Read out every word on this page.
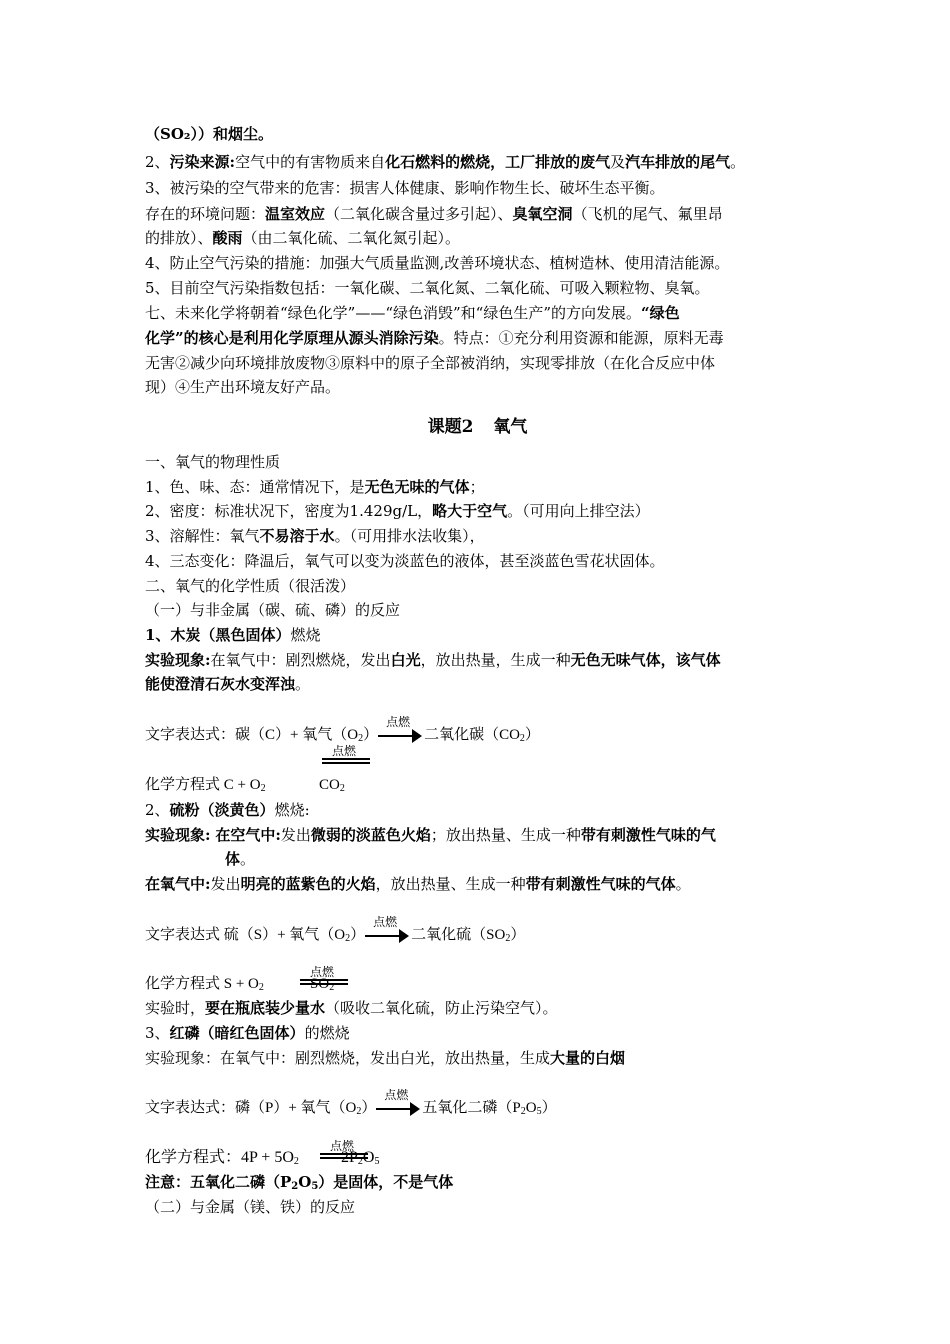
（SO₂））和烟尘。
2、污染来源:空气中的有害物质来自化石燃料的燃烧，工厂排放的废气及汽车排放的尾气。
3、被污染的空气带来的危害：损害人体健康、影响作物生长、破坏生态平衡。
存在的环境问题：温室效应（二氧化碳含量过多引起）、臭氧空洞（飞机的尾气、氟里昂
的排放）、酸雨（由二氧化硫、二氧化氮引起）。
4、防止空气污染的措施：加强大气质量监测,改善环境状态、植树造林、使用清洁能源。
5、目前空气污染指数包括：一氧化碳、二氧化氮、二氧化硫、可吸入颗粒物、臭氧。
七、未来化学将朝着“绿色化学”——“绿色消毁”和“绿色生产”的方向发展。“绿色
化学”的核心是利用化学原理从源头消除污染。特点：①充分利用资源和能源，原料无毒
无害②减少向环境排放废物③原料中的原子全部被消纳，实现零排放（在化合反应中体
现）④生产出环境友好产品。
课题2 氧气
一、氧气的物理性质
1、色、味、态：通常情况下，是无色无味的气体；
2、密度：标准状况下，密度为1.429g/L，略大于空气。（可用向上排空法）
3、溶解性：氧气不易溶于水。（可用排水法收集），
4、三态变化：降温后，氧气可以变为淡蓝色的液体，甚至淡蓝色雪花状固体。
二、氧气的化学性质（很活泼）
（一）与非金属（碳、硫、磷）的反应
1、木炭（黑色固体）燃烧
实验现象:在氧气中：剧烈燃烧，发出白光，放出热量，生成一种无色无味气体，该气体
能使澄清石灰水变浑浊。
文字表达式：碳（C）+ 氧气$(O_2)$
点燃
二氧化碳$(CO_2)$
点燃
化学方程式 $C + O_2$	$CO_2$
2、硫粉（淡黄色）燃烧:
实验现象: 在空气中:发出微弱的淡蓝色火焰；放出热量、生成一种带有刺激性气味的气
体。
在氧气中:发出明亮的蓝紫色的火焰，放出热量、生成一种带有刺激性气味的气体。
文字表达式 硫（S）+ 氧气$(O_2)$
点燃
二氧化硫$(SO_2)$
化学方程式 $S + O_2$
点燃
$SO_2$
实验时，要在瓶底装少量水（吸收二氧化硫，防止污染空气）。
3、红磷（暗红色固体）的燃烧
实验现象：在氧气中：剧烈燃烧，发出白光，放出热量，生成大量的白烟
文字表达式：磷（P）+ 氧气$(O_2)$
点燃
五氧化二磷$(P_2O_5)$
化学方程式：$4P + 5O_2$
点燃
$2P_2O_5$
注意：五氧化二磷$(P_2O_5)$是固体，不是气体
（二）与金属（镁、铁）的反应
